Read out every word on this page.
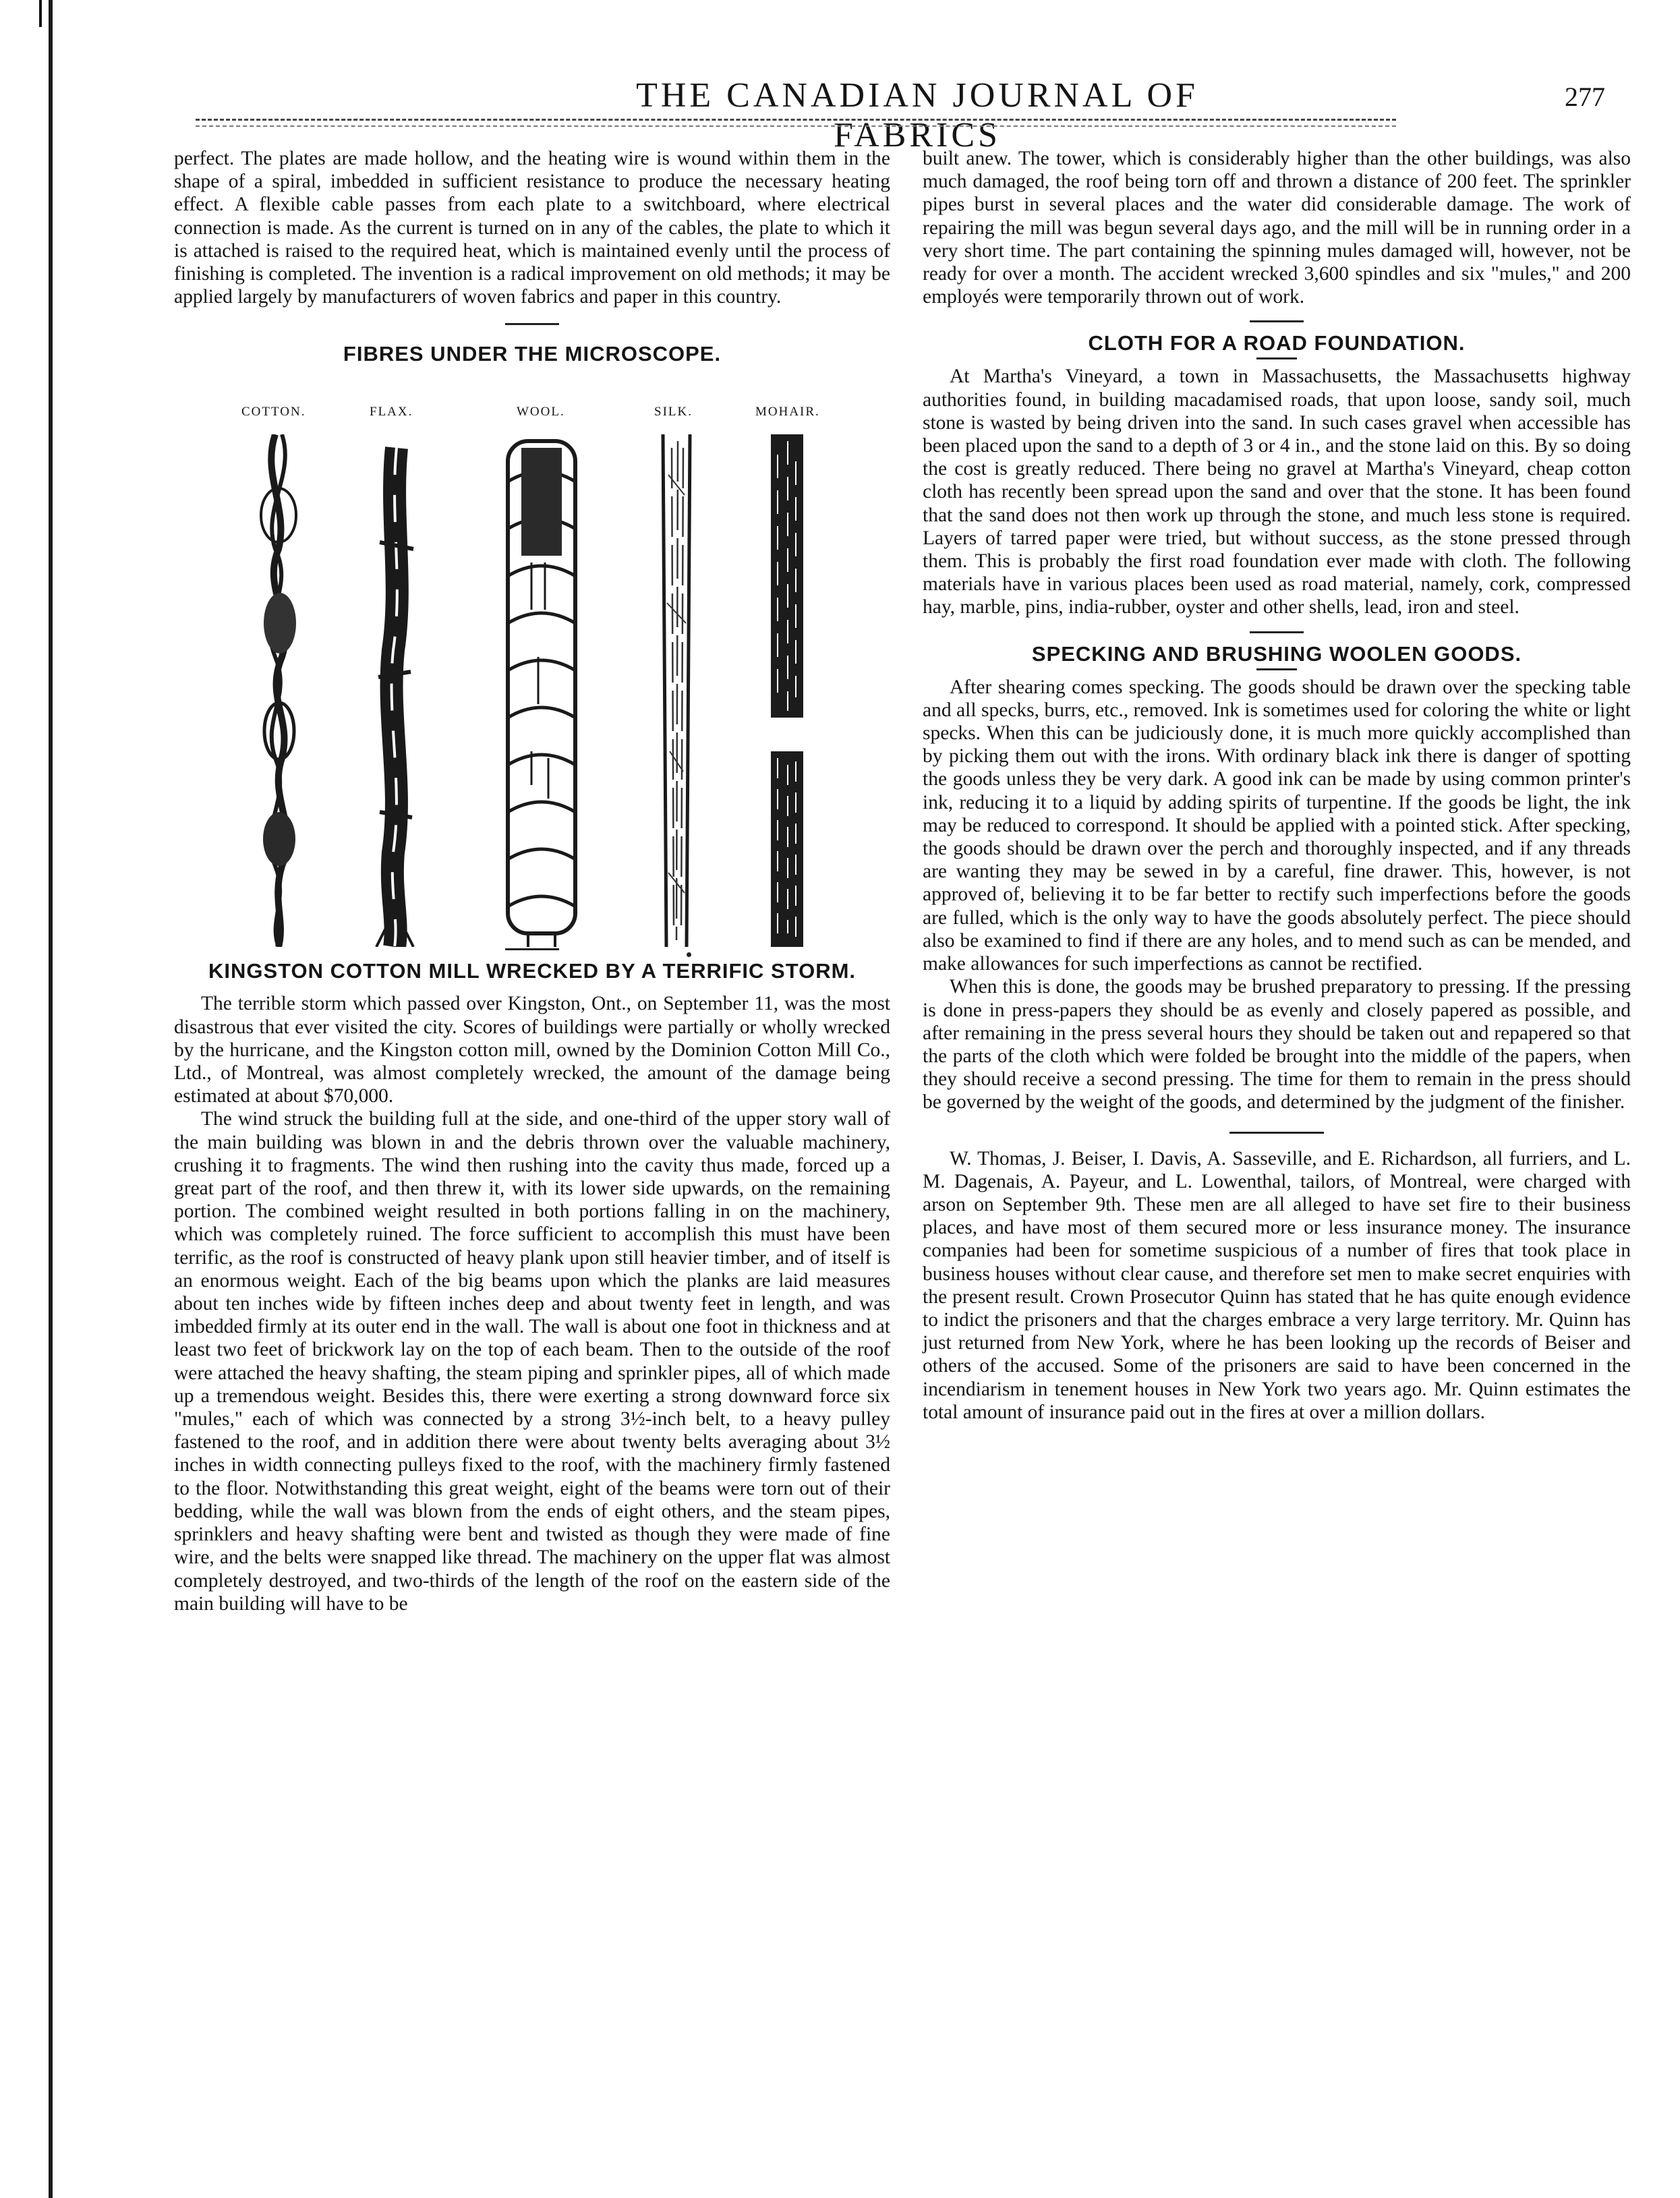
THE CANADIAN JOURNAL OF FABRICS
277

perfect. The plates are made hollow, and the heating wire is wound within them in the shape of a spiral, imbedded in sufficient resistance to produce the necessary heating effect. A flexible cable passes from each plate to a switchboard, where electrical connection is made. As the current is turned on in any of the cables, the plate to which it is attached is raised to the required heat, which is maintained evenly until the process of finishing is completed. The invention is a radical improvement on old methods; it may be applied largely by manufacturers of woven fabrics and paper in this country.

FIBRES UNDER THE MICROSCOPE.
COTTON.	FLAX.	WOOL.	SILK.	MOHAIR.
KINGSTON COTTON MILL WRECKED BY A TERRIFIC STORM.

The terrible storm which passed over Kingston, Ont., on September 11, was the most disastrous that ever visited the city. Scores of buildings were partially or wholly wrecked by the hurricane, and the Kingston cotton mill, owned by the Dominion Cotton Mill Co., Ltd., of Montreal, was almost completely wrecked, the amount of the damage being estimated at about $70,000.

The wind struck the building full at the side, and one-third of the upper story wall of the main building was blown in and the debris thrown over the valuable machinery, crushing it to fragments. The wind then rushing into the cavity thus made, forced up a great part of the roof, and then threw it, with its lower side upwards, on the remaining portion. The combined weight resulted in both portions falling in on the machinery, which was completely ruined. The force sufficient to accomplish this must have been terrific, as the roof is constructed of heavy plank upon still heavier timber, and of itself is an enormous weight. Each of the big beams upon which the planks are laid measures about ten inches wide by fifteen inches deep and about twenty feet in length, and was imbedded firmly at its outer end in the wall. The wall is about one foot in thickness and at least two feet of brickwork lay on the top of each beam. Then to the outside of the roof were attached the heavy shafting, the steam piping and sprinkler pipes, all of which made up a tremendous weight. Besides this, there were exerting a strong downward force six "mules," each of which was connected by a strong 3½-inch belt, to a heavy pulley fastened to the roof, and in addition there were about twenty belts averaging about 3½ inches in width connecting pulleys fixed to the roof, with the machinery firmly fastened to the floor. Notwithstanding this great weight, eight of the beams were torn out of their bedding, while the wall was blown from the ends of eight others, and the steam pipes, sprinklers and heavy shafting were bent and twisted as though they were made of fine wire, and the belts were snapped like thread. The machinery on the upper flat was almost completely destroyed, and two-thirds of the length of the roof on the eastern side of the main building will have to be

built anew. The tower, which is considerably higher than the other buildings, was also much damaged, the roof being torn off and thrown a distance of 200 feet. The sprinkler pipes burst in several places and the water did considerable damage. The work of repairing the mill was begun several days ago, and the mill will be in running order in a very short time. The part containing the spinning mules damaged will, however, not be ready for over a month. The accident wrecked 3,600 spindles and six "mules," and 200 employés were temporarily thrown out of work.

CLOTH FOR A ROAD FOUNDATION.

At Martha's Vineyard, a town in Massachusetts, the Massachusetts highway authorities found, in building macadamised roads, that upon loose, sandy soil, much stone is wasted by being driven into the sand. In such cases gravel when accessible has been placed upon the sand to a depth of 3 or 4 in., and the stone laid on this. By so doing the cost is greatly reduced. There being no gravel at Martha's Vineyard, cheap cotton cloth has recently been spread upon the sand and over that the stone. It has been found that the sand does not then work up through the stone, and much less stone is required. Layers of tarred paper were tried, but without success, as the stone pressed through them. This is probably the first road foundation ever made with cloth. The following materials have in various places been used as road material, namely, cork, compressed hay, marble, pins, india-rubber, oyster and other shells, lead, iron and steel.

SPECKING AND BRUSHING WOOLEN GOODS.

After shearing comes specking. The goods should be drawn over the specking table and all specks, burrs, etc., removed. Ink is sometimes used for coloring the white or light specks. When this can be judiciously done, it is much more quickly accomplished than by picking them out with the irons. With ordinary black ink there is danger of spotting the goods unless they be very dark. A good ink can be made by using common printer's ink, reducing it to a liquid by adding spirits of turpentine. If the goods be light, the ink may be reduced to correspond. It should be applied with a pointed stick. After specking, the goods should be drawn over the perch and thoroughly inspected, and if any threads are wanting they may be sewed in by a careful, fine drawer. This, however, is not approved of, believing it to be far better to rectify such imperfections before the goods are fulled, which is the only way to have the goods absolutely perfect. The piece should also be examined to find if there are any holes, and to mend such as can be mended, and make allowances for such imperfections as cannot be rectified.

When this is done, the goods may be brushed preparatory to pressing. If the pressing is done in press-papers they should be as evenly and closely papered as possible, and after remaining in the press several hours they should be taken out and repapered so that the parts of the cloth which were folded be brought into the middle of the papers, when they should receive a second pressing. The time for them to remain in the press should be governed by the weight of the goods, and determined by the judgment of the finisher.

W. Thomas, J. Beiser, I. Davis, A. Sasseville, and E. Richardson, all furriers, and L. M. Dagenais, A. Payeur, and L. Lowenthal, tailors, of Montreal, were charged with arson on September 9th. These men are all alleged to have set fire to their business places, and have most of them secured more or less insurance money. The insurance companies had been for sometime suspicious of a number of fires that took place in business houses without clear cause, and therefore set men to make secret enquiries with the present result. Crown Prosecutor Quinn has stated that he has quite enough evidence to indict the prisoners and that the charges embrace a very large territory. Mr. Quinn has just returned from New York, where he has been looking up the records of Beiser and others of the accused. Some of the prisoners are said to have been concerned in the incendiarism in tenement houses in New York two years ago. Mr. Quinn estimates the total amount of insurance paid out in the fires at over a million dollars.
